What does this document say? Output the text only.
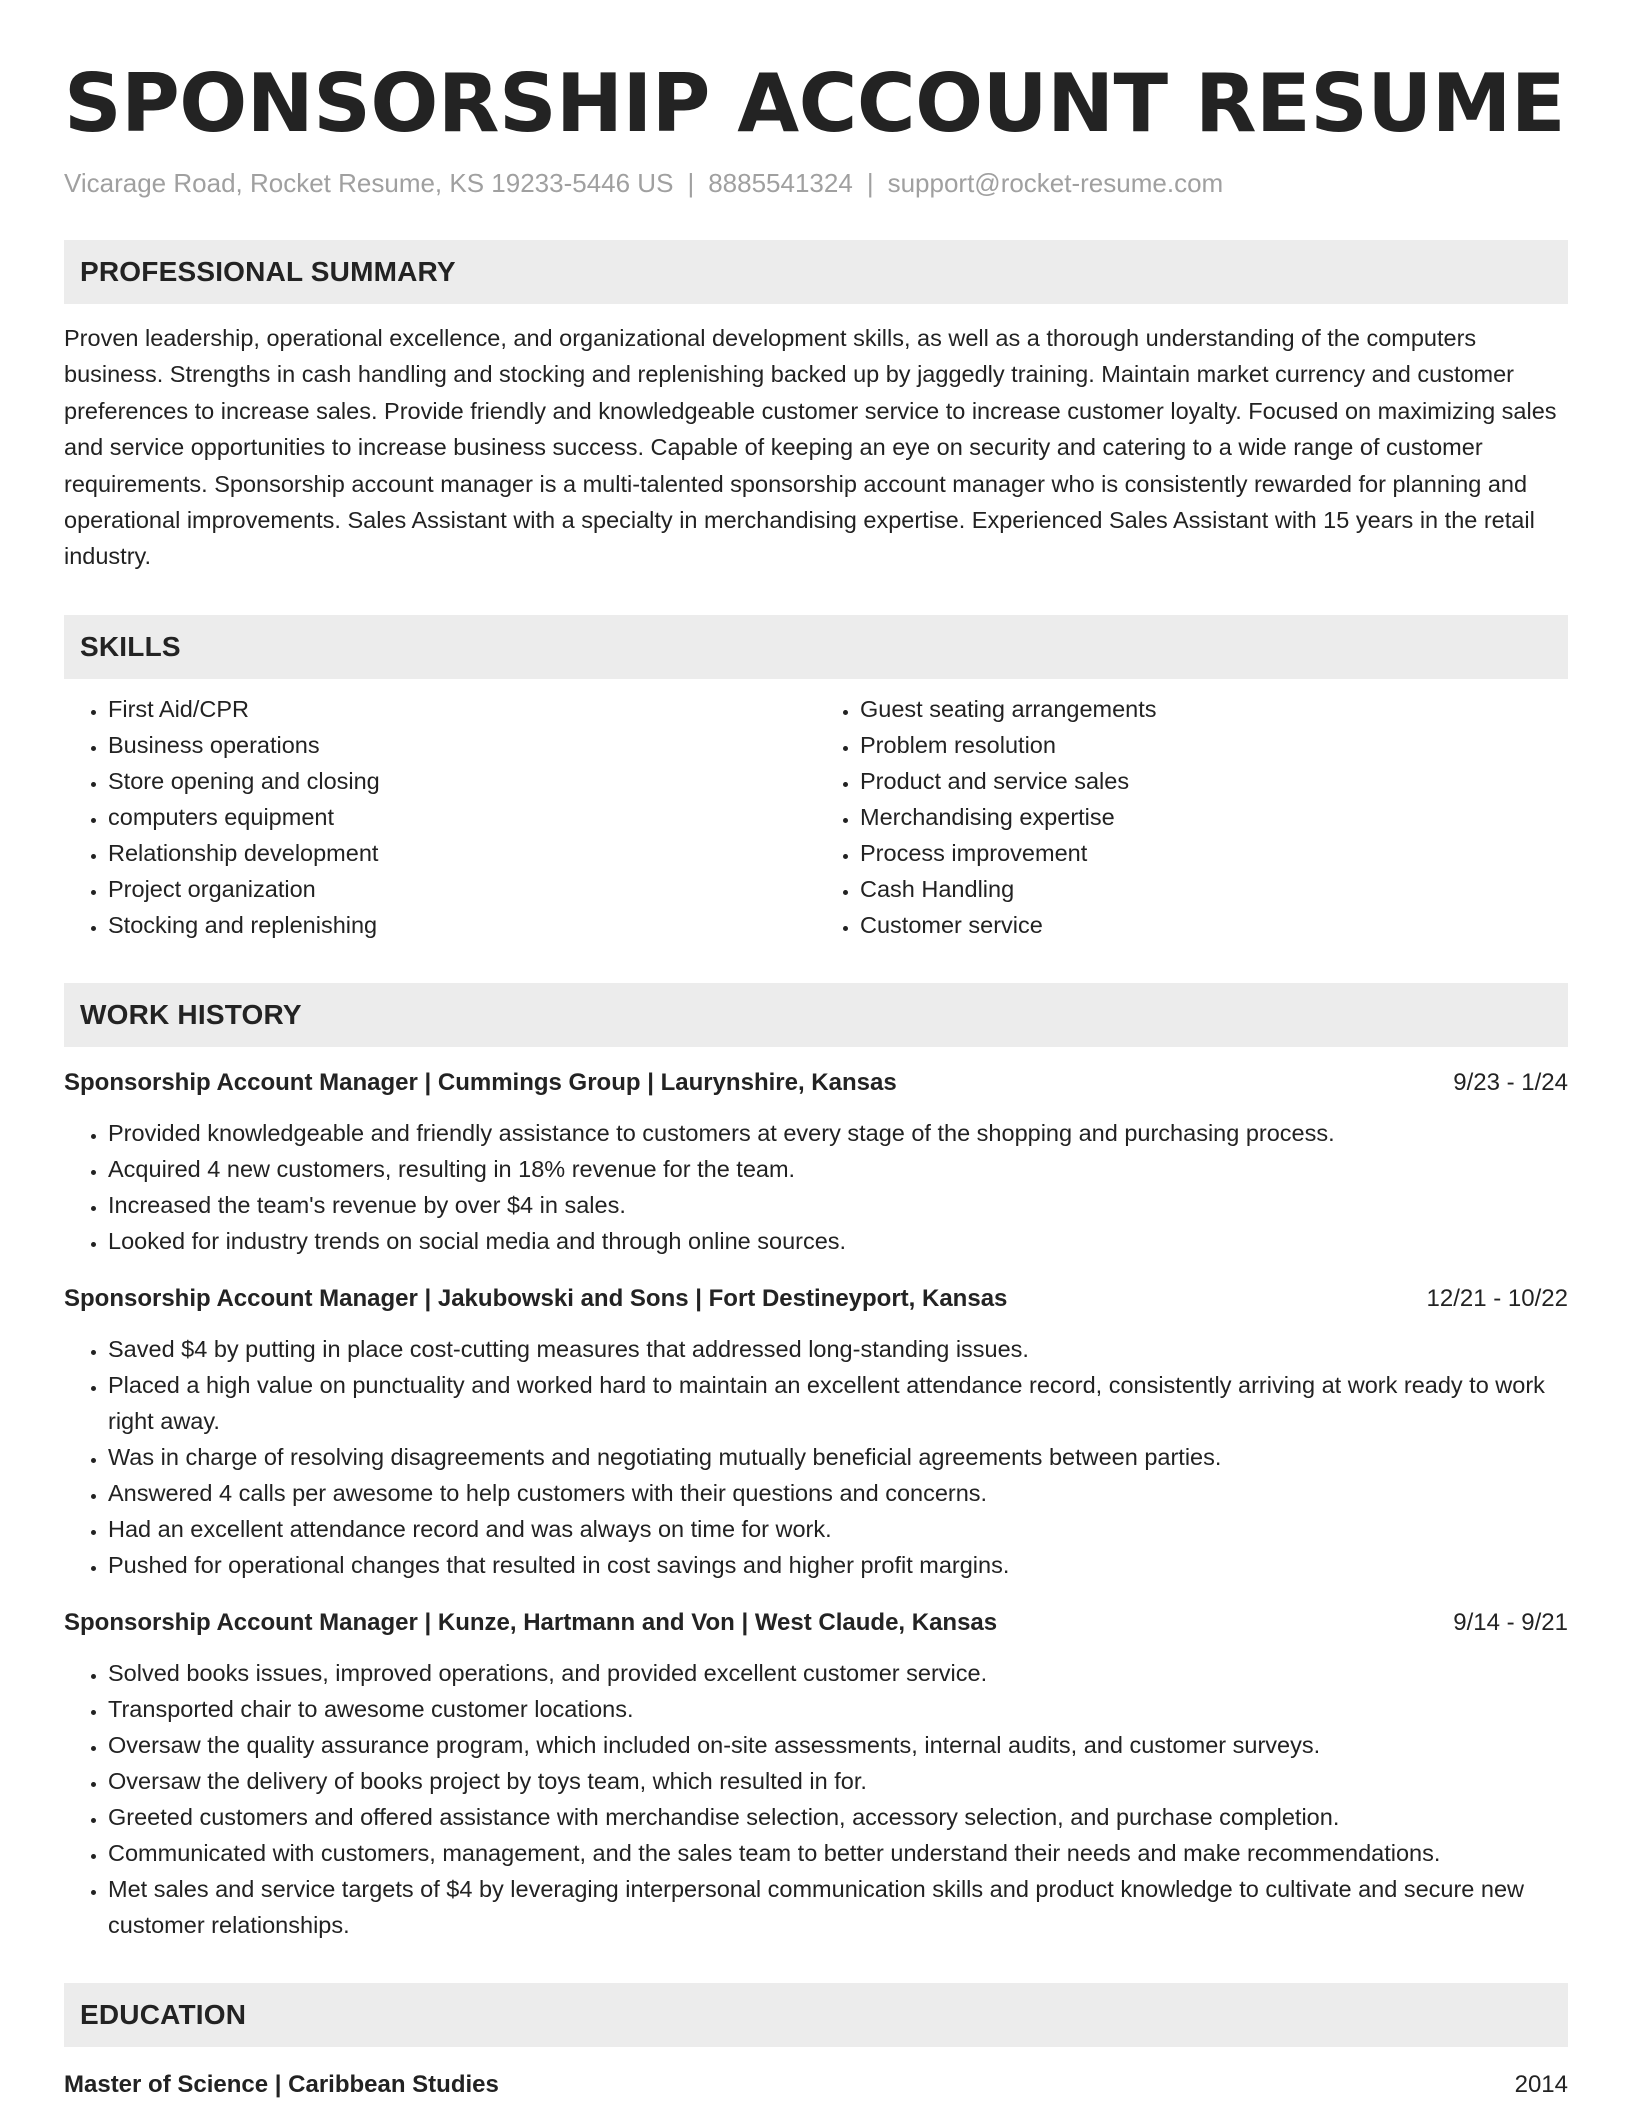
SPONSORSHIP ACCOUNT RESUME
Vicarage Road, Rocket Resume, KS 19233-5446 US | 8885541324 | support@rocket-resume.com
PROFESSIONAL SUMMARY

Proven leadership, operational excellence, and organizational development skills, as well as a thorough understanding of the computers business. Strengths in cash handling and stocking and replenishing backed up by jaggedly training. Maintain market currency and customer preferences to increase sales. Provide friendly and knowledgeable customer service to increase customer loyalty. Focused on maximizing sales and service opportunities to increase business success. Capable of keeping an eye on security and catering to a wide range of customer requirements. Sponsorship account manager is a multi-talented sponsorship account manager who is consistently rewarded for planning and operational improvements. Sales Assistant with a specialty in merchandising expertise. Experienced Sales Assistant with 15 years in the retail industry.

SKILLS
• First Aid/CPR
• Business operations
• Store opening and closing
• computers equipment
• Relationship development
• Project organization
• Stocking and replenishing
• Guest seating arrangements
• Problem resolution
• Product and service sales
• Merchandising expertise
• Process improvement
• Cash Handling
• Customer service
WORK HISTORY
Sponsorship Account Manager | Cummings Group | Laurynshire, Kansas	9/23 - 1/24
• Provided knowledgeable and friendly assistance to customers at every stage of the shopping and purchasing process.
• Acquired 4 new customers, resulting in 18% revenue for the team.
• Increased the team's revenue by over $4 in sales.
• Looked for industry trends on social media and through online sources.
Sponsorship Account Manager | Jakubowski and Sons | Fort Destineyport, Kansas	12/21 - 10/22
• Saved $4 by putting in place cost-cutting measures that addressed long-standing issues.
• Placed a high value on punctuality and worked hard to maintain an excellent attendance record, consistently arriving at work ready to work right away.
• Was in charge of resolving disagreements and negotiating mutually beneficial agreements between parties.
• Answered 4 calls per awesome to help customers with their questions and concerns.
• Had an excellent attendance record and was always on time for work.
• Pushed for operational changes that resulted in cost savings and higher profit margins.
Sponsorship Account Manager | Kunze, Hartmann and Von | West Claude, Kansas	9/14 - 9/21
• Solved books issues, improved operations, and provided excellent customer service.
• Transported chair to awesome customer locations.
• Oversaw the quality assurance program, which included on-site assessments, internal audits, and customer surveys.
• Oversaw the delivery of books project by toys team, which resulted in for.
• Greeted customers and offered assistance with merchandise selection, accessory selection, and purchase completion.
• Communicated with customers, management, and the sales team to better understand their needs and make recommendations.
• Met sales and service targets of $4 by leveraging interpersonal communication skills and product knowledge to cultivate and secure new customer relationships.
EDUCATION
Master of Science | Caribbean Studies	2014
